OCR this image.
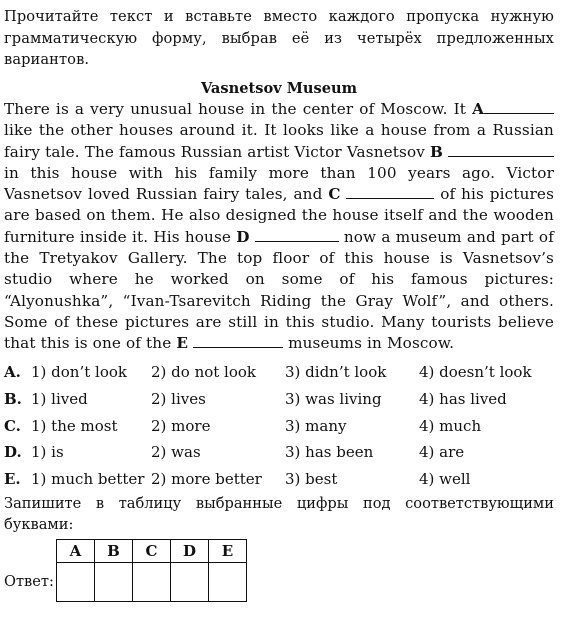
Прочитайте текст и вставьте вместо каждого пропуска нужную грамматическую форму, выбрав её из четырёх предложенных вариантов.

Vasnetsov Museum

There is a very unusual house in the center of Moscow. It A like the other houses around it. It looks like a house from a Russian fairy tale. The famous Russian artist Victor Vasnetsov B  in this house with his family more than 100 years ago. Victor Vasnetsov loved Russian fairy tales, and C	of his pictures are based on them. He also designed the house itself and the wooden furniture inside it. His house D	now a museum and part of the Tretyakov Gallery. The top floor of this house is Vasnetsov’s studio where he worked on some of his famous pictures: “Alyonushka”, “Ivan-Tsarevitch Riding the Gray Wolf”, and others. Some of these pictures are still in this studio. Many tourists believe that this is one of the E	museums in Moscow.

A. 1) don’t look	2) do not look	3) didn’t look	4) doesn’t look
B. 1) lived	2) lives	3) was living	4) has lived
C. 1) the most	2) more	3) many	4) much
D. 1) is	2) was	3) has been	4) are
E. 1) much better 2) more better	3) best	4) well

Запишите в таблицу выбранные цифры под соответствующими буквами:

Ответ:
A	B	C	D	E
